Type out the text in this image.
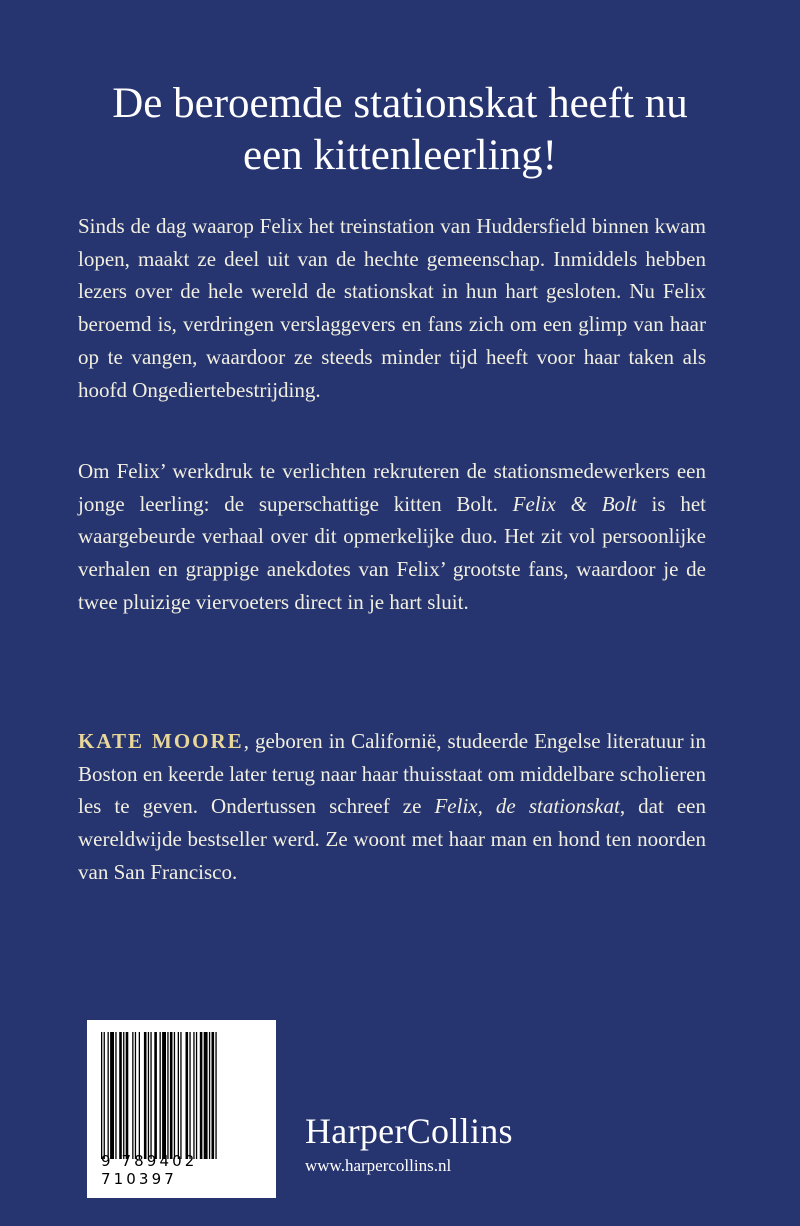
De beroemde stationskat heeft nu
een kittenleerling!

Sinds de dag waarop Felix het treinstation van Huddersfield binnen kwam lopen, maakt ze deel uit van de hechte gemeenschap. Inmiddels hebben lezers over de hele wereld de stationskat in hun hart gesloten. Nu Felix beroemd is, verdringen verslaggevers en fans zich om een glimp van haar op te vangen, waardoor ze steeds minder tijd heeft voor haar taken als hoofd Ongediertebestrijding.

Om Felix’ werkdruk te verlichten rekruteren de stationsmedewerkers een jonge leerling: de superschattige kitten Bolt. Felix & Bolt is het waargebeurde verhaal over dit opmerkelijke duo. Het zit vol persoonlijke verhalen en grappige anekdotes van Felix’ grootste fans, waardoor je de twee pluizige viervoeters direct in je hart sluit.

KATE MOORE, geboren in Californië, studeerde Engelse literatuur in Boston en keerde later terug naar haar thuisstaat om middelbare scholieren les te geven. Ondertussen schreef ze Felix, de stationskat, dat een wereldwijde bestseller werd. Ze woont met haar man en hond ten noorden van San Francisco.

9 789402 710397
HarperCollins
www.harpercollins.nl
